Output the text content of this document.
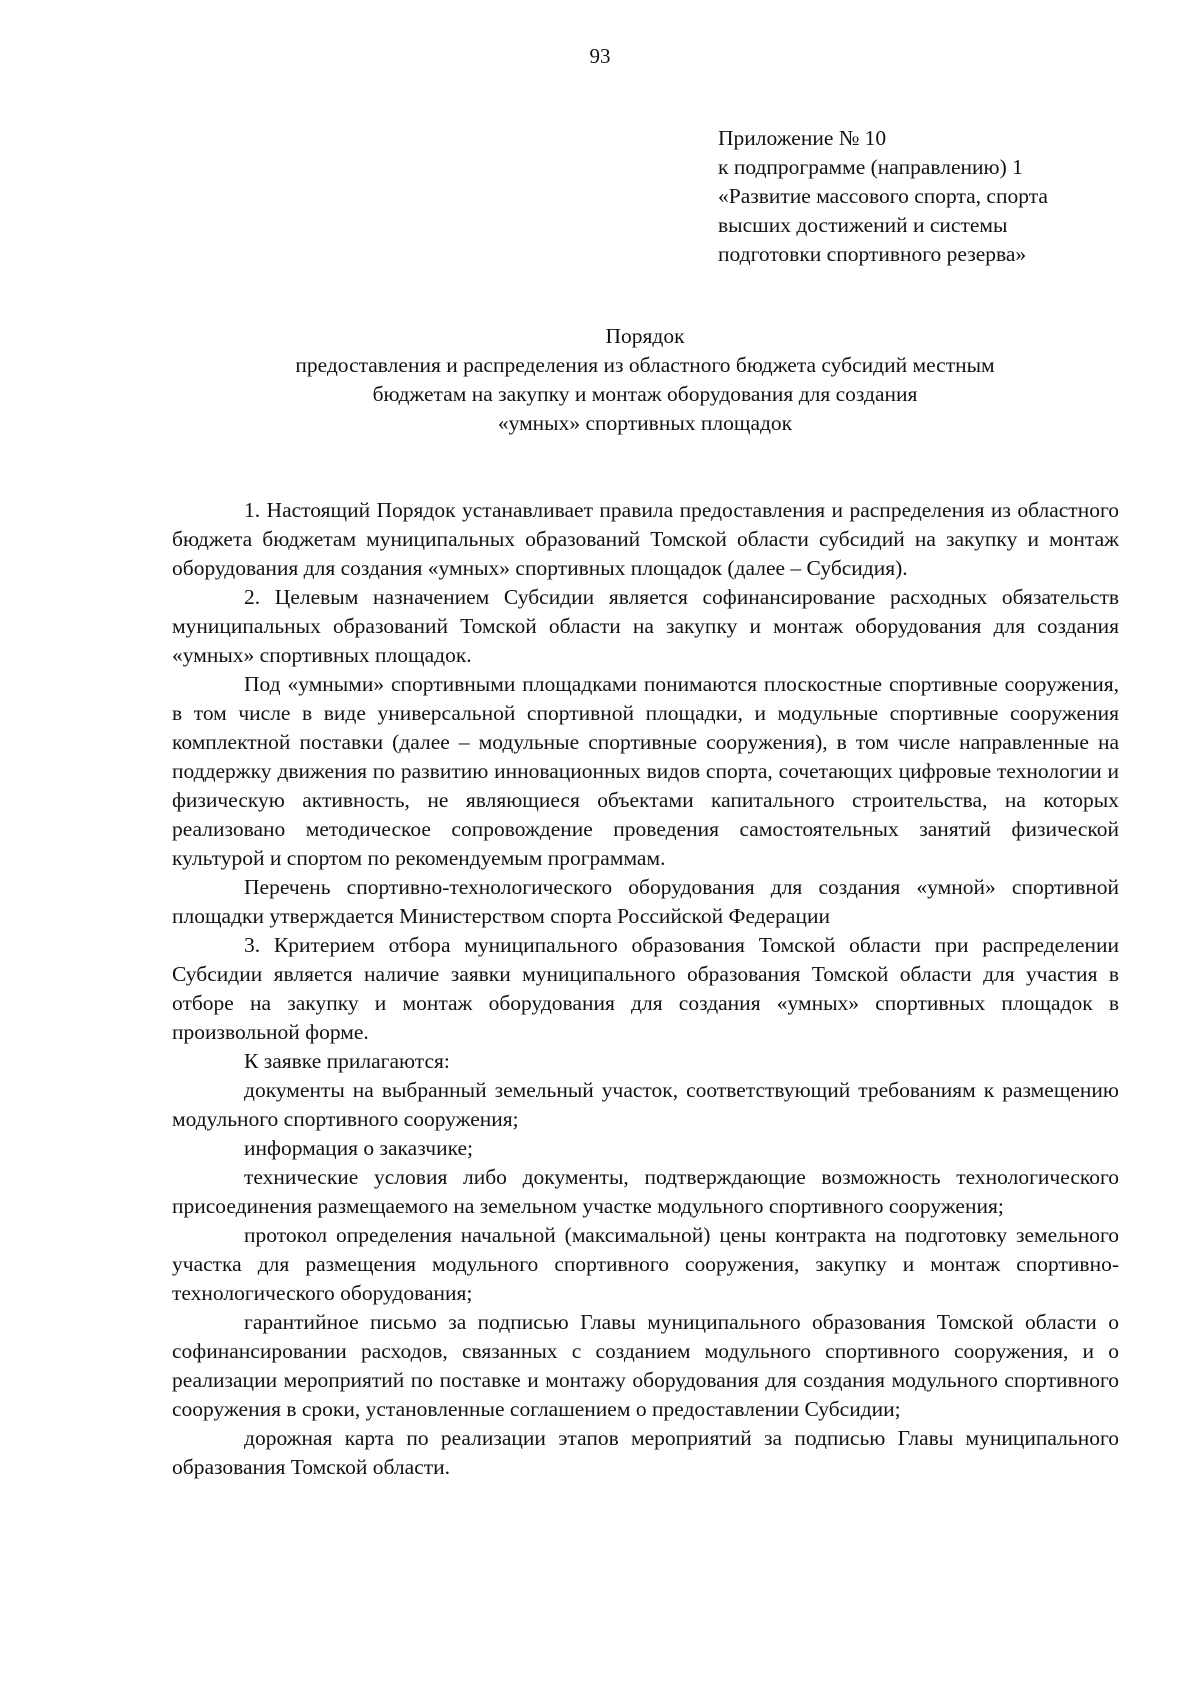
93
Приложение № 10
к подпрограмме (направлению) 1
«Развитие массового спорта, спорта
высших достижений и системы
подготовки спортивного резерва»
Порядок
предоставления и распределения из областного бюджета субсидий местным
бюджетам на закупку и монтаж оборудования для создания
«умных» спортивных площадок

1. Настоящий Порядок устанавливает правила предоставления и распределения из областного бюджета бюджетам муниципальных образований Томской области субсидий на закупку и монтаж оборудования для создания «умных» спортивных площадок (далее – Субсидия).

2. Целевым назначением Субсидии является софинансирование расходных обязательств муниципальных образований Томской области на закупку и монтаж оборудования для создания «умных» спортивных площадок.

Под «умными» спортивными площадками понимаются плоскостные спортивные сооружения, в том числе в виде универсальной спортивной площадки, и модульные спортивные сооружения комплектной поставки (далее – модульные спортивные сооружения), в том числе направленные на поддержку движения по развитию инновационных видов спорта, сочетающих цифровые технологии и физическую активность, не являющиеся объектами капитального строительства, на которых реализовано методическое сопровождение проведения самостоятельных занятий физической культурой и спортом по рекомендуемым программам.

Перечень спортивно-технологического оборудования для создания «умной» спортивной площадки утверждается Министерством спорта Российской Федерации

3. Критерием отбора муниципального образования Томской области при распределении Субсидии является наличие заявки муниципального образования Томской области для участия в отборе на закупку и монтаж оборудования для создания «умных» спортивных площадок в произвольной форме.

К заявке прилагаются:

документы на выбранный земельный участок, соответствующий требованиям к размещению модульного спортивного сооружения;

информация о заказчике;

технические условия либо документы, подтверждающие возможность технологического присоединения размещаемого на земельном участке модульного спортивного сооружения;

протокол определения начальной (максимальной) цены контракта на подготовку земельного участка для размещения модульного спортивного сооружения, закупку и монтаж спортивно-технологического оборудования;

гарантийное письмо за подписью Главы муниципального образования Томской области о софинансировании расходов, связанных с созданием модульного спортивного сооружения, и о реализации мероприятий по поставке и монтажу оборудования для создания модульного спортивного сооружения в сроки, установленные соглашением о предоставлении Субсидии;

дорожная карта по реализации этапов мероприятий за подписью Главы муниципального образования Томской области.
